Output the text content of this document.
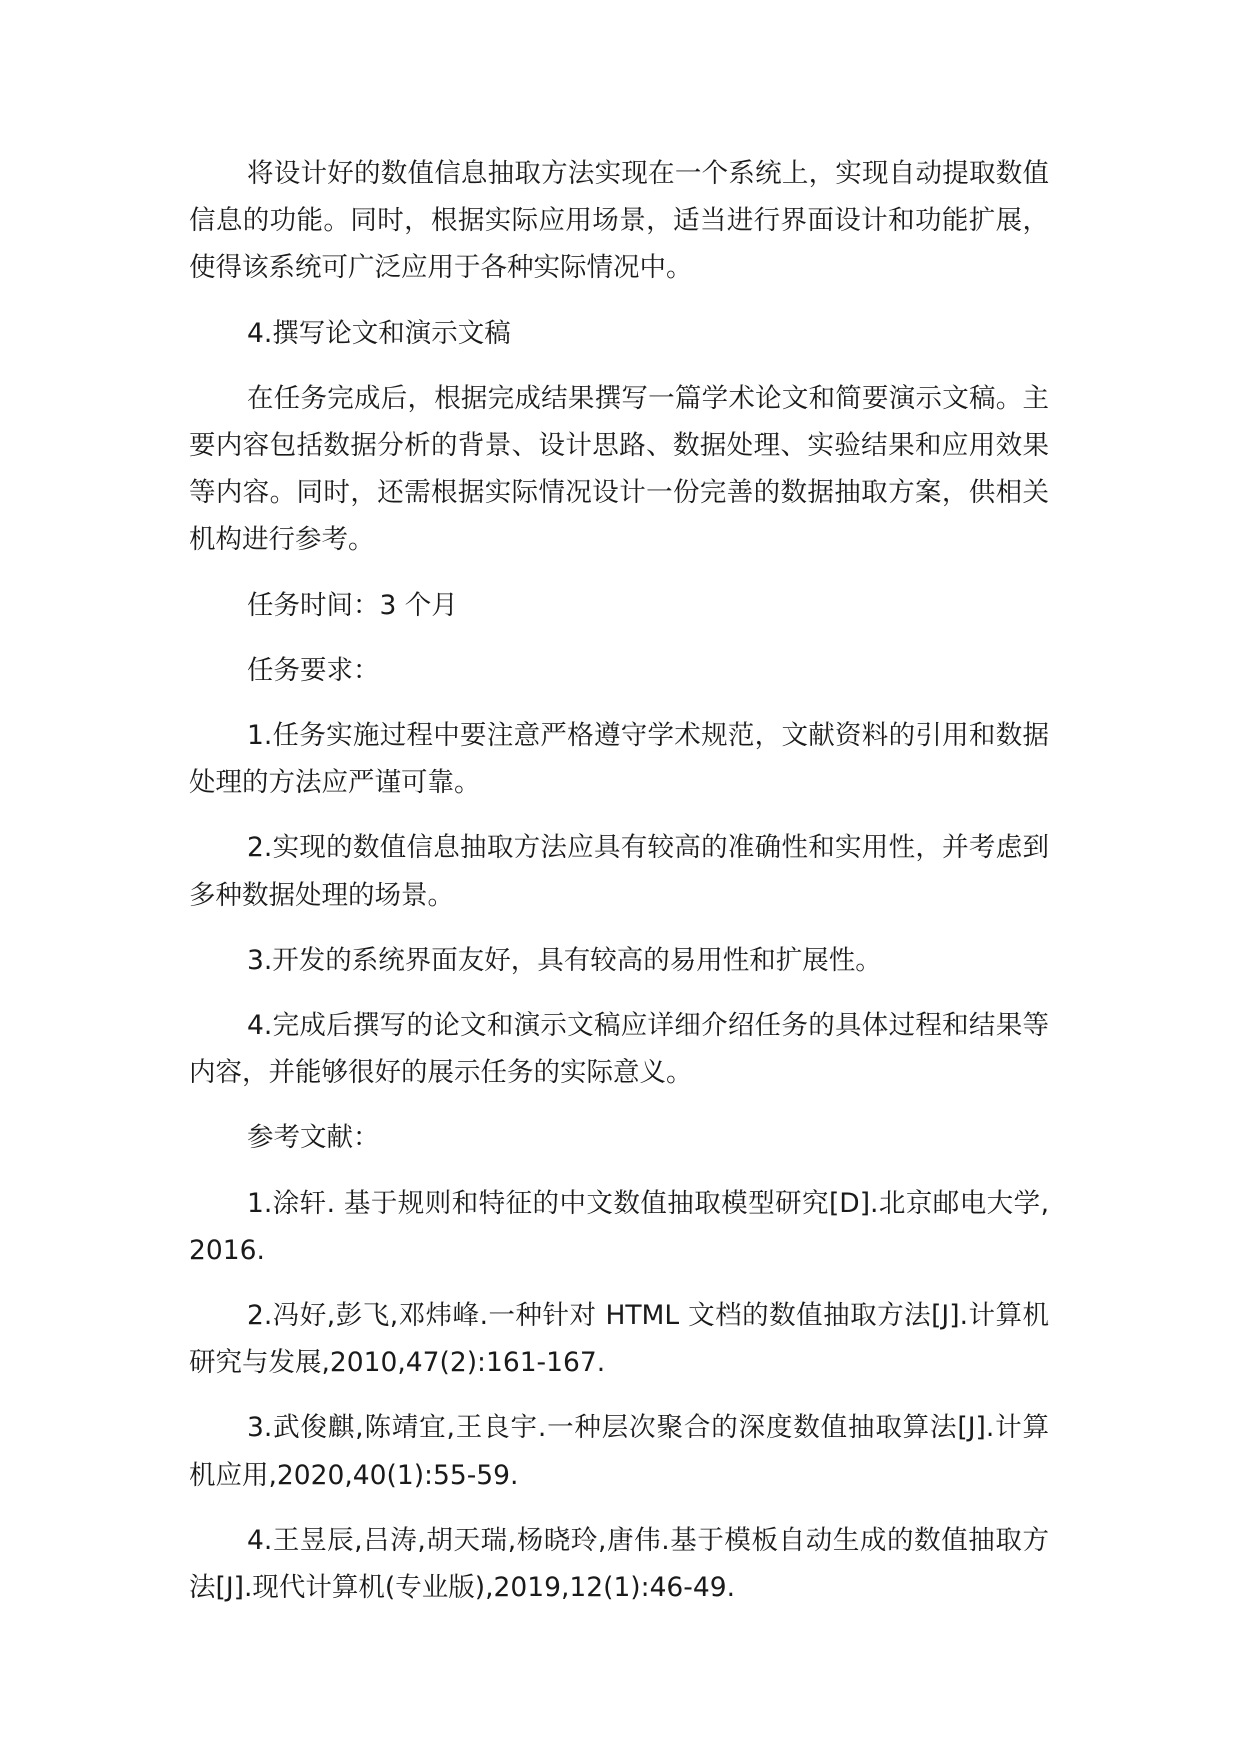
将设计好的数值信息抽取方法实现在一个系统上，实现自动提取数值信息的功能。同时，根据实际应用场景，适当进行界面设计和功能扩展，使得该系统可广泛应用于各种实际情况中。

4.撰写论文和演示文稿

在任务完成后，根据完成结果撰写一篇学术论文和简要演示文稿。主要内容包括数据分析的背景、设计思路、数据处理、实验结果和应用效果等内容。同时，还需根据实际情况设计一份完善的数据抽取方案，供相关机构进行参考。

任务时间：3 个月

任务要求：

1.任务实施过程中要注意严格遵守学术规范，文献资料的引用和数据处理的方法应严谨可靠。

2.实现的数值信息抽取方法应具有较高的准确性和实用性，并考虑到多种数据处理的场景。

3.开发的系统界面友好，具有较高的易用性和扩展性。

4.完成后撰写的论文和演示文稿应详细介绍任务的具体过程和结果等内容，并能够很好的展示任务的实际意义。

参考文献：

1.涂轩. 基于规则和特征的中文数值抽取模型研究[D].北京邮电大学,2016.

2.冯好,彭飞,邓炜峰.一种针对 HTML 文档的数值抽取方法[J].计算机研究与发展,2010,47(2):161-167.

3.武俊麒,陈靖宜,王良宇.一种层次聚合的深度数值抽取算法[J].计算机应用,2020,40(1):55-59.

4.王昱辰,吕涛,胡天瑞,杨晓玲,唐伟.基于模板自动生成的数值抽取方法[J].现代计算机(专业版),2019,12(1):46-49.
